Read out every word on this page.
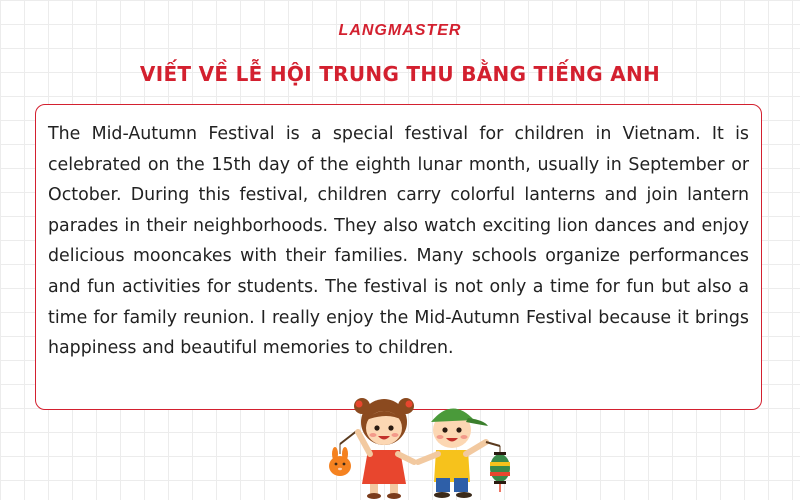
LANGMASTER
VIẾT VỀ LỄ HỘI TRUNG THU BẰNG TIẾNG ANH

The Mid-Autumn Festival is a special festival for children in Vietnam. It is celebrated on the 15th day of the eighth lunar month, usually in September or October. During this festival, children carry colorful lanterns and join lantern parades in their neighborhoods. They also watch exciting lion dances and enjoy delicious mooncakes with their families. Many schools organize performances and fun activities for students. The festival is not only a time for fun but also a time for family reunion. I really enjoy the Mid-Autumn Festival because it brings happiness and beautiful memories to children.
